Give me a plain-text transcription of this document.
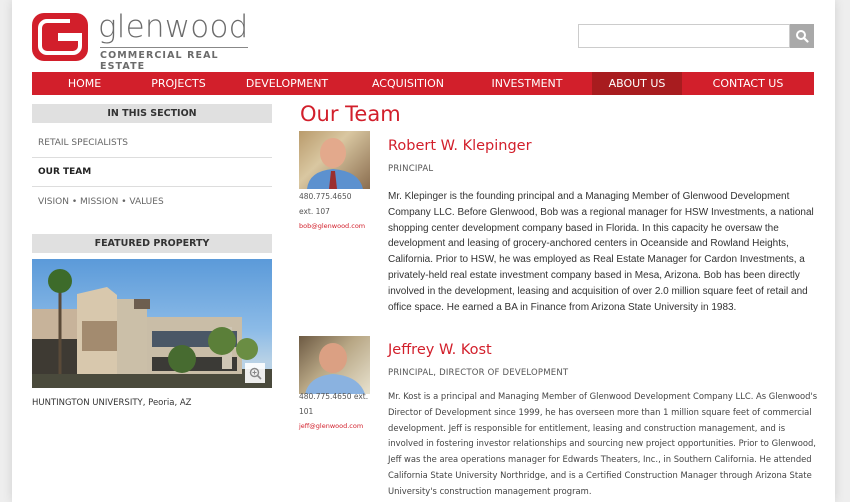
glenwood
COMMERCIAL REAL ESTATE
HOME	PROJECTS	DEVELOPMENT	ACQUISITION	INVESTMENT	ABOUT US	CONTACT US
IN THIS SECTION
RETAIL SPECIALISTS
OUR TEAM
VISION • MISSION • VALUES
FEATURED PROPERTY
HUNTINGTON UNIVERSITY, Peoria, AZ
Our Team
480.775.4650
ext. 107
bob@glenwood.com
Robert W. Klepinger
PRINCIPAL
Mr. Klepinger is the founding principal and a Managing Member of Glenwood Development Company LLC. Before Glenwood, Bob was a regional manager for HSW Investments, a national shopping center development company based in Florida. In this capacity he oversaw the development and leasing of grocery-anchored centers in Oceanside and Rowland Heights, California. Prior to HSW, he was employed as Real Estate Manager for Cardon Investments, a privately-held real estate investment company based in Mesa, Arizona. Bob has been directly involved in the development, leasing and acquisition of over 2.0 million square feet of retail and office space. He earned a BA in Finance from Arizona State University in 1983.
480.775.4650 ext.
101
jeff@glenwood.com
Jeffrey W. Kost
PRINCIPAL, DIRECTOR OF DEVELOPMENT
Mr. Kost is a principal and Managing Member of Glenwood Development Company LLC. As Glenwood's Director of Development since 1999, he has overseen more than 1 million square feet of commercial development. Jeff is responsible for entitlement, leasing and construction management, and is involved in fostering investor relationships and sourcing new project opportunities. Prior to Glenwood, Jeff was the area operations manager for Edwards Theaters, Inc., in Southern California. He attended California State University Northridge, and is a Certified Construction Manager through Arizona State University's construction management program.
